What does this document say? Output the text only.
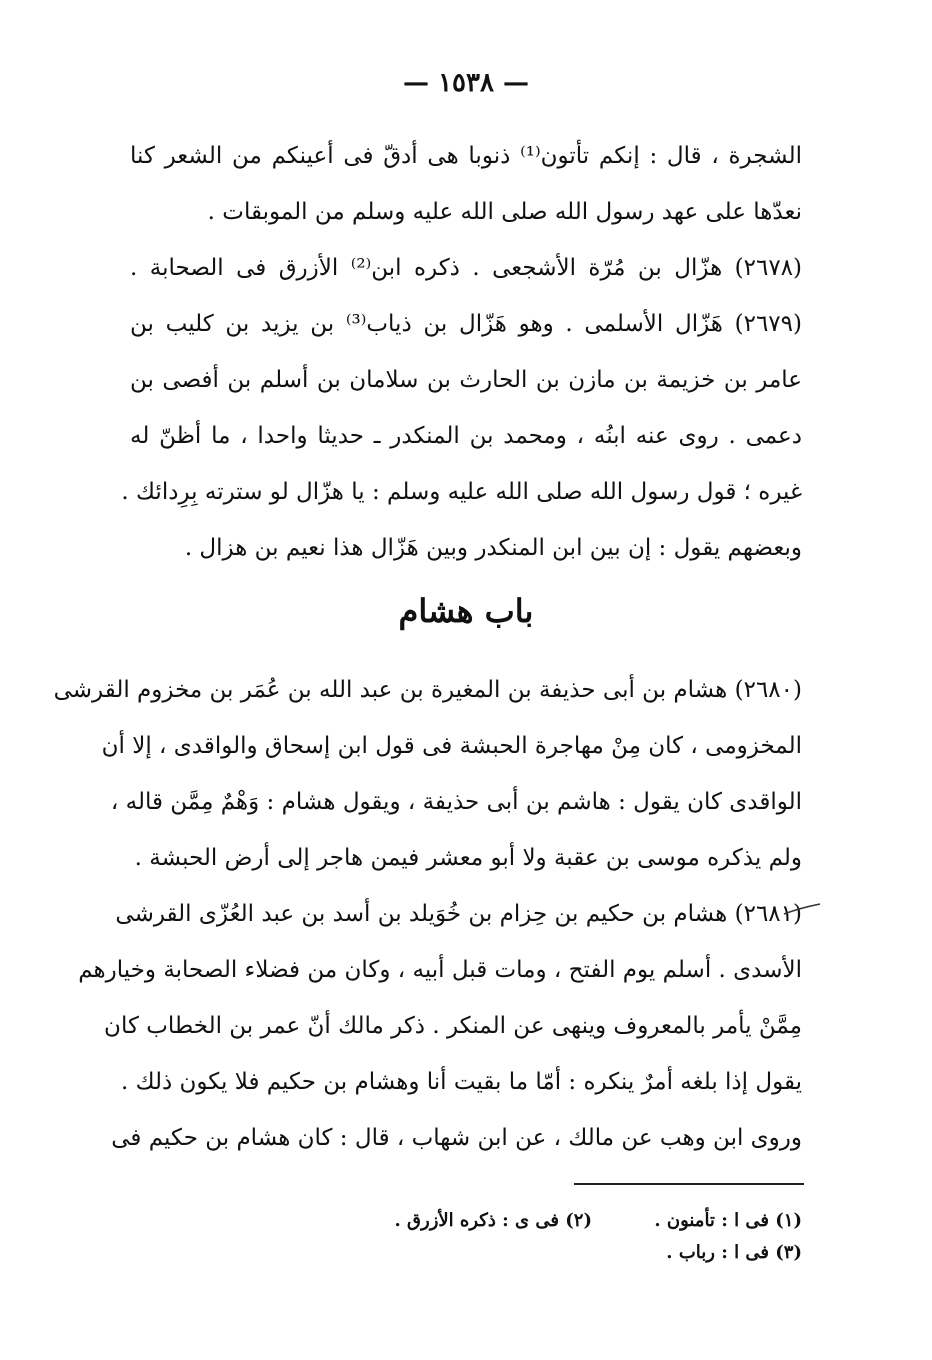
— ١٥٣٨ —
الشجرة ، قال : إنكم تأتون⁽¹⁾ ذنوبا هى أدقّ فى أعينكم من الشعر كنا
نعدّها على عهد رسول الله صلى الله عليه وسلم من الموبقات .
(٢٦٧٨) هزّال بن مُرّة الأشجعى . ذكره ابن⁽²⁾ الأزرق فى الصحابة .
(٢٦٧٩) هَزّال الأسلمى . وهو هَزّال بن ذياب⁽³⁾ بن يزيد بن كليب بن
عامر بن خزيمة بن مازن بن الحارث بن سلامان بن أسلم بن أفصى بن
دعمى . روى عنه ابنُه ، ومحمد بن المنكدر ـ حديثا واحدا ، ما أظنّ له
غيره ؛ قول رسول الله صلى الله عليه وسلم : يا هزّال لو سترته بِرِدائك .
وبعضهم يقول : إن بين ابن المنكدر وبين هَزّال هذا نعيم بن هزال .
باب هشام
(٢٦٨٠) هشام بن أبى حذيفة بن المغيرة بن عبد الله بن عُمَر بن مخزوم القرشى
المخزومى ، كان مِنْ مهاجرة الحبشة فى قول ابن إسحاق والواقدى ، إلا أن
الواقدى كان يقول : هاشم بن أبى حذيفة ، ويقول هشام : وَهْمٌ مِمَّن قاله ،
ولم يذكره موسى بن عقبة ولا أبو معشر فيمن هاجر إلى أرض الحبشة .
(٢٦٨١) هشام بن حكيم بن حِزام بن خُوَيلد بن أسد بن عبد العُزّى القرشى
الأسدى . أسلم يوم الفتح ، ومات قبل أبيه ، وكان من فضلاء الصحابة وخيارهم
مِمَّنْ يأمر بالمعروف وينهى عن المنكر . ذكر مالك أنّ عمر بن الخطاب كان
يقول إذا بلغه أمرٌ ينكره : أمّا ما بقيت أنا وهشام بن حكيم فلا يكون ذلك .
وروى ابن وهب عن مالك ، عن ابن شهاب ، قال : كان هشام بن حكيم فى
(١) فى ا : تأمنون .
(٢) فى ى : ذكره الأزرق .
(٣) فى ا : رباب .
